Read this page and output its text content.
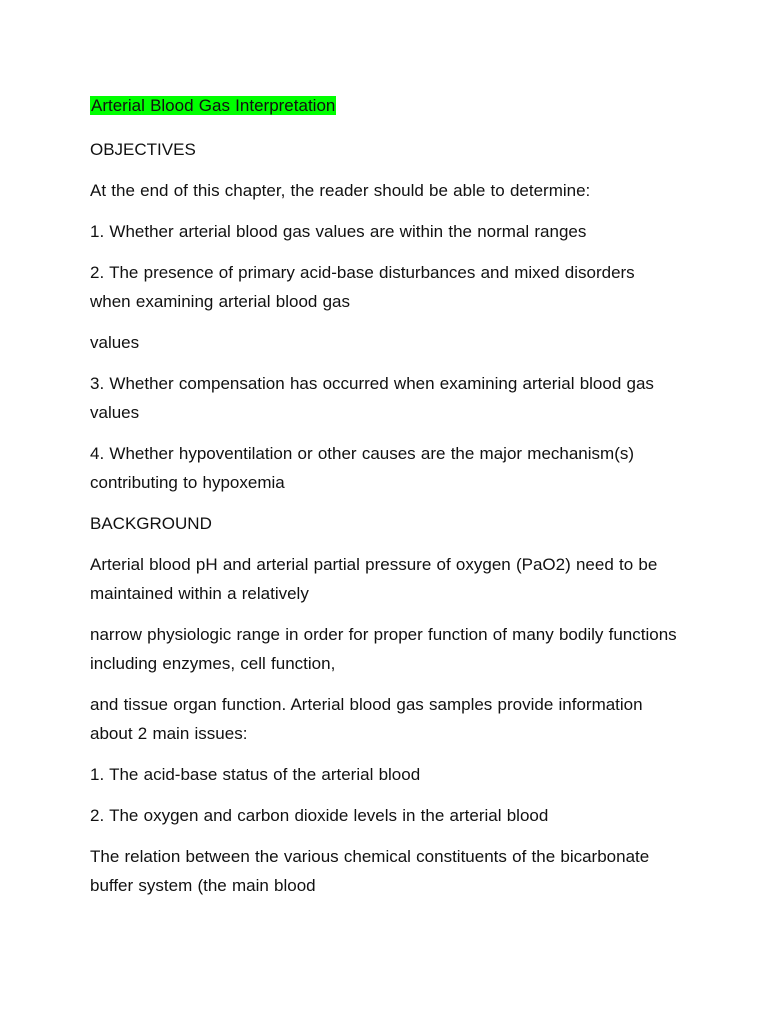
Arterial Blood Gas Interpretation

OBJECTIVES

At the end of this chapter, the reader should be able to determine:

1. Whether arterial blood gas values are within the normal ranges

2. The presence of primary acid-base disturbances and mixed disorders when examining arterial blood gas

values

3. Whether compensation has occurred when examining arterial blood gas values

4. Whether hypoventilation or other causes are the major mechanism(s) contributing to hypoxemia

BACKGROUND

Arterial blood pH and arterial partial pressure of oxygen (PaO2) need to be maintained within a relatively

narrow physiologic range in order for proper function of many bodily functions including enzymes, cell function,

and tissue organ function. Arterial blood gas samples provide information about 2 main issues:

1. The acid-base status of the arterial blood

2. The oxygen and carbon dioxide levels in the arterial blood

The relation between the various chemical constituents of the bicarbonate buffer system (the main blood
